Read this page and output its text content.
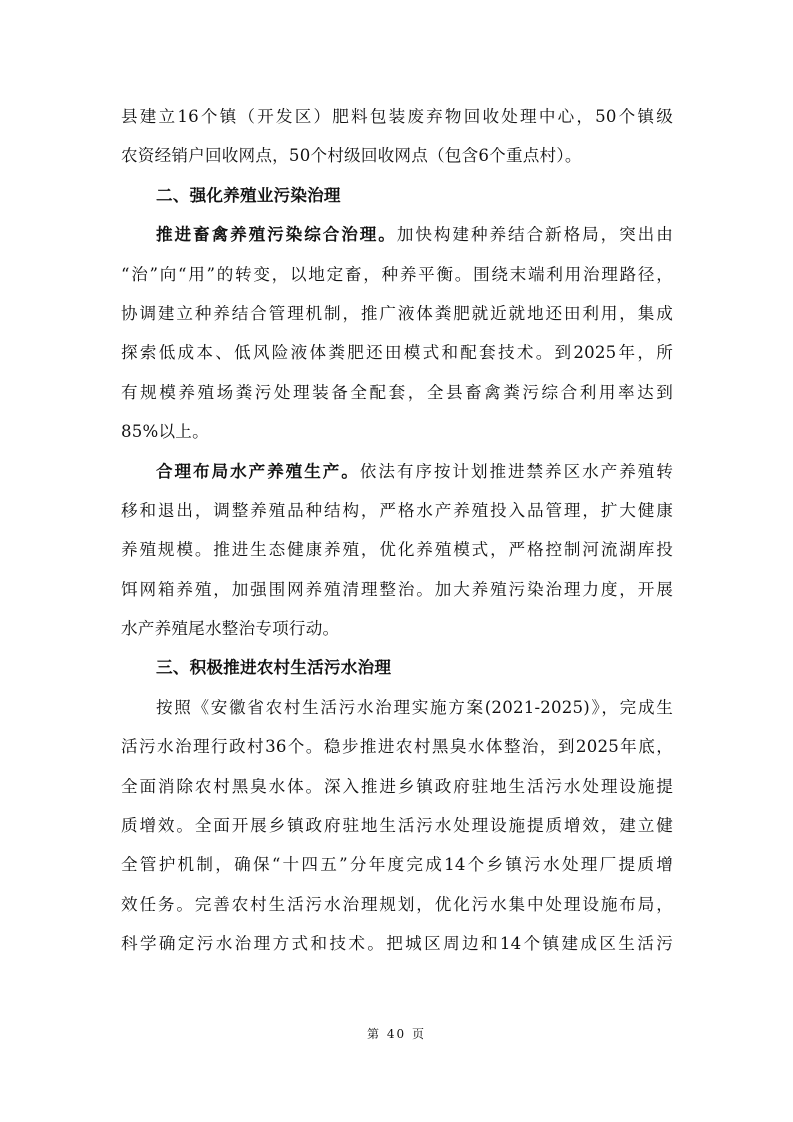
县建立16个镇（开发区）肥料包装废弃物回收处理中心，50个镇级
农资经销户回收网点，50个村级回收网点（包含6个重点村）。
二、强化养殖业污染治理
推进畜禽养殖污染综合治理。加快构建种养结合新格局，突出由
“治”向“用”的转变，以地定畜，种养平衡。围绕末端利用治理路径，
协调建立种养结合管理机制，推广液体粪肥就近就地还田利用，集成
探索低成本、低风险液体粪肥还田模式和配套技术。到2025年，所
有规模养殖场粪污处理装备全配套，全县畜禽粪污综合利用率达到
85%以上。
合理布局水产养殖生产。依法有序按计划推进禁养区水产养殖转
移和退出，调整养殖品种结构，严格水产养殖投入品管理，扩大健康
养殖规模。推进生态健康养殖，优化养殖模式，严格控制河流湖库投
饵网箱养殖，加强围网养殖清理整治。加大养殖污染治理力度，开展
水产养殖尾水整治专项行动。
三、积极推进农村生活污水治理
按照《安徽省农村生活污水治理实施方案(2021-2025)》，完成生
活污水治理行政村36个。稳步推进农村黑臭水体整治，到2025年底，
全面消除农村黑臭水体。深入推进乡镇政府驻地生活污水处理设施提
质增效。全面开展乡镇政府驻地生活污水处理设施提质增效，建立健
全管护机制，确保“十四五”分年度完成14个乡镇污水处理厂提质增
效任务。完善农村生活污水治理规划，优化污水集中处理设施布局，
科学确定污水治理方式和技术。把城区周边和14个镇建成区生活污
第 40 页
